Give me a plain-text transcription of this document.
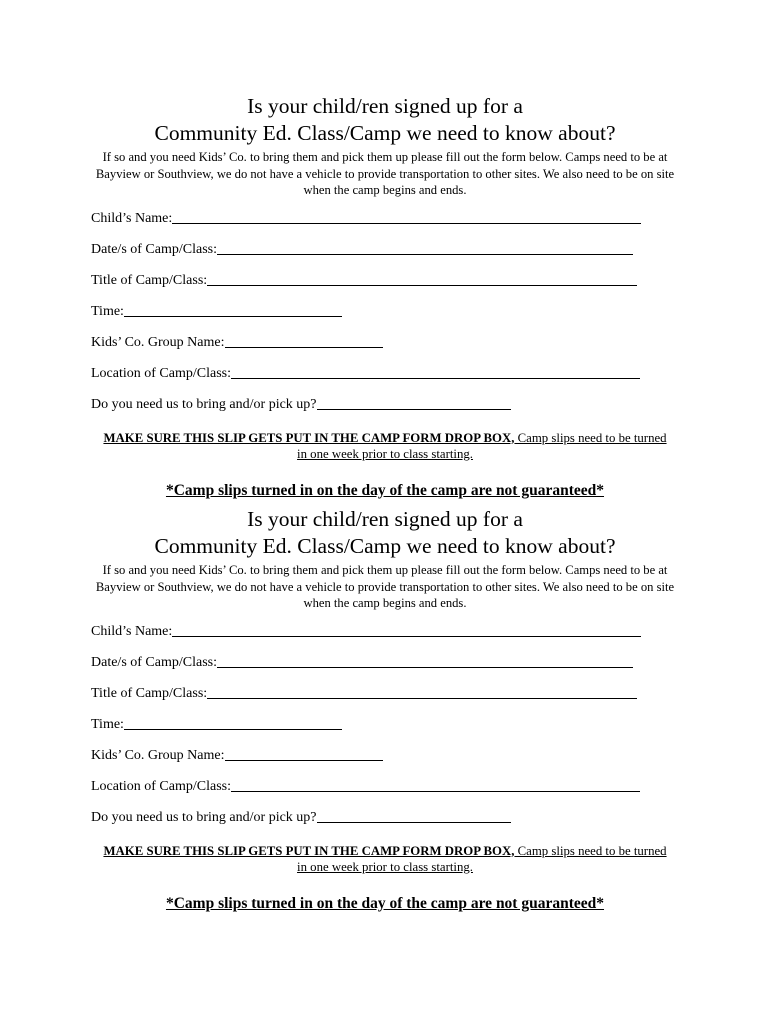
Is your child/ren signed up for a
Community Ed. Class/Camp we need to know about?
If so and you need Kids’ Co. to bring them and pick them up please fill out the form below. Camps need to be at Bayview or Southview, we do not have a vehicle to provide transportation to other sites. We also need to be on site when the camp begins and ends.
Child’s Name:
Date/s of Camp/Class:
Title of Camp/Class:
Time:
Kids’ Co. Group Name:
Location of Camp/Class:
Do you need us to bring and/or pick up?
MAKE SURE THIS SLIP GETS PUT IN THE CAMP FORM DROP BOX, Camp slips need to be turned in one week prior to class starting.
*Camp slips turned in on the day of the camp are not guaranteed*
Is your child/ren signed up for a
Community Ed. Class/Camp we need to know about?
If so and you need Kids’ Co. to bring them and pick them up please fill out the form below. Camps need to be at Bayview or Southview, we do not have a vehicle to provide transportation to other sites. We also need to be on site when the camp begins and ends.
Child’s Name:
Date/s of Camp/Class:
Title of Camp/Class:
Time:
Kids’ Co. Group Name:
Location of Camp/Class:
Do you need us to bring and/or pick up?
MAKE SURE THIS SLIP GETS PUT IN THE CAMP FORM DROP BOX, Camp slips need to be turned in one week prior to class starting.
*Camp slips turned in on the day of the camp are not guaranteed*
